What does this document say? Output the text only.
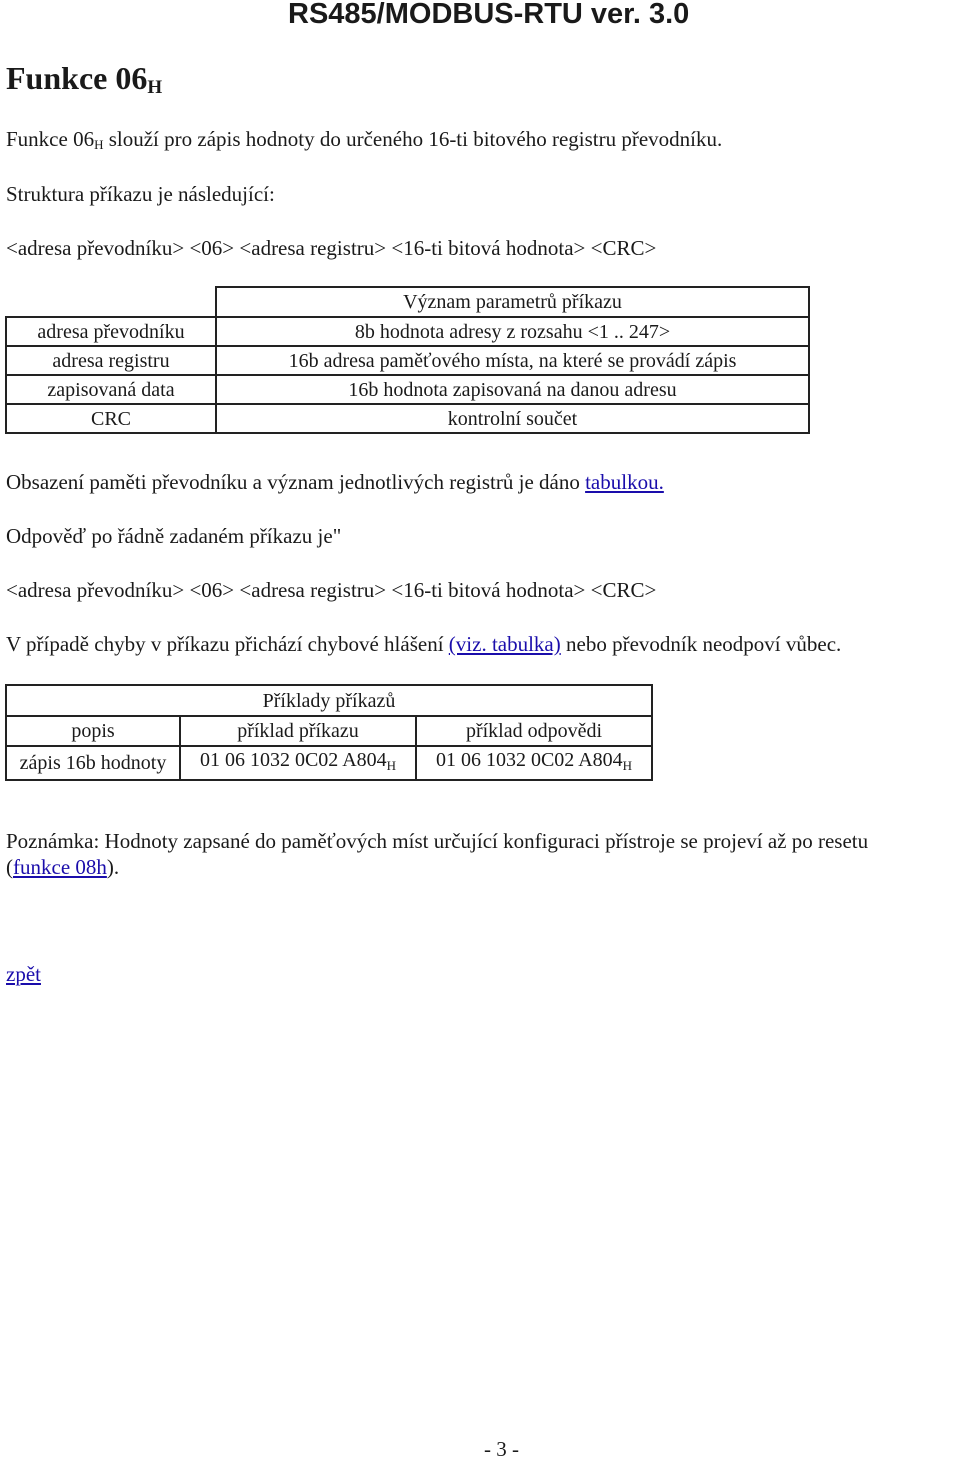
RS485/MODBUS-RTU ver. 3.0
Funkce $06_H$
Funkce $06_H$ slouží pro zápis hodnoty do určeného 16-ti bitového registru převodníku.
Struktura příkazu je následující:
<adresa převodníku> <06> <adresa registru> <16-ti bitová hodnota> <CRC>
	Význam parametrů příkazu
adresa převodníku	8b hodnota adresy z rozsahu <1 .. 247>
adresa registru	16b adresa paměťového místa, na které se provádí zápis
zapisovaná data	16b hodnota zapisovaná na danou adresu
CRC	kontrolní součet
Obsazení paměti převodníku a význam jednotlivých registrů je dáno tabulkou.
Odpověď po řádně zadaném příkazu je"
<adresa převodníku> <06> <adresa registru> <16-ti bitová hodnota> <CRC>
V případě chyby v příkazu přichází chybové hlášení (viz. tabulka) nebo převodník neodpoví vůbec.
Příklady příkazů		
popis	příklad příkazu	příklad odpovědi
zápis 16b hodnoty	01 06 1032 0C02 $A804_H$	01 06 1032 0C02 $A804_H$
Poznámka: Hodnoty zapsané do paměťových míst určující konfiguraci přístroje se projeví až po resetu
(funkce 08h).
zpět
- 3 -
